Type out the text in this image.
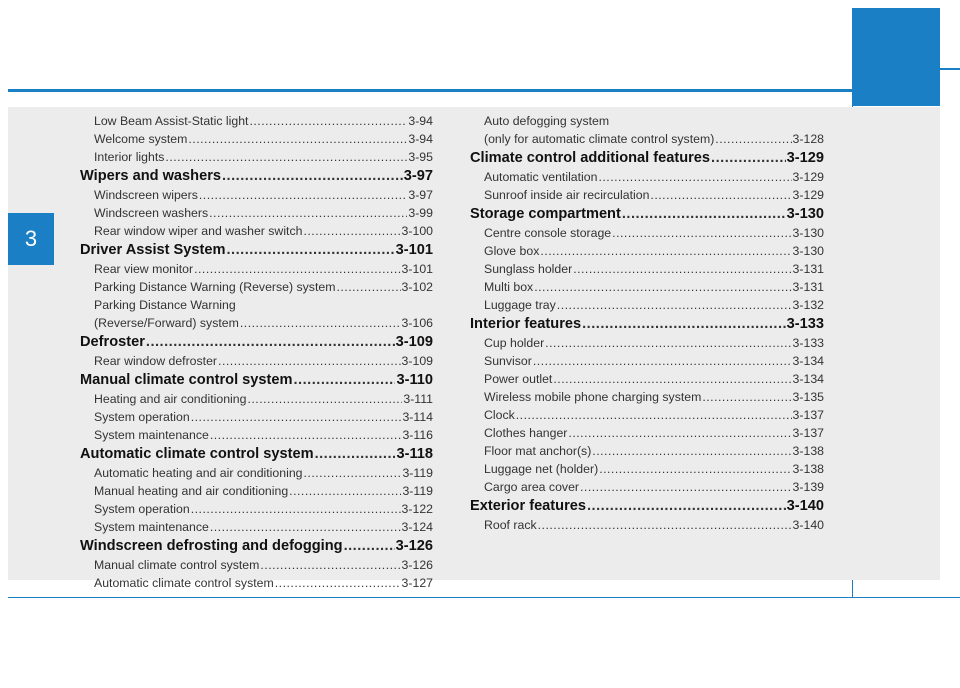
3
Low Beam Assist-Static light .....	3-94
Welcome system .....	3-94
Interior lights .....	3-95
Wipers and washers .....	3-97
Windscreen wipers .....	3-97
Windscreen washers .....	3-99
Rear window wiper and washer switch .....	3-100
Driver Assist System .....	3-101
Rear view monitor .....	3-101
Parking Distance Warning (Reverse) system .....	3-102
Parking Distance Warning
(Reverse/Forward) system .....	3-106
Defroster .....	3-109
Rear window defroster .....	3-109
Manual climate control system .....	3-110
Heating and air conditioning .....	3-111
System operation .....	3-114
System maintenance .....	3-116
Automatic climate control system .....	3-118
Automatic heating and air conditioning .....	3-119
Manual heating and air conditioning .....	3-119
System operation .....	3-122
System maintenance .....	3-124
Windscreen defrosting and defogging .....	3-126
Manual climate control system .....	3-126
Automatic climate control system .....	3-127
Auto defogging system
(only for automatic climate control system) .....	3-128
Climate control additional features .....	3-129
Automatic ventilation .....	3-129
Sunroof inside air recirculation .....	3-129
Storage compartment .....	3-130
Centre console storage .....	3-130
Glove box .....	3-130
Sunglass holder .....	3-131
Multi box .....	3-131
Luggage tray .....	3-132
Interior features .....	3-133
Cup holder .....	3-133
Sunvisor .....	3-134
Power outlet .....	3-134
Wireless mobile phone charging system .....	3-135
Clock .....	3-137
Clothes hanger .....	3-137
Floor mat anchor(s) .....	3-138
Luggage net (holder) .....	3-138
Cargo area cover .....	3-139
Exterior features .....	3-140
Roof rack .....	3-140
